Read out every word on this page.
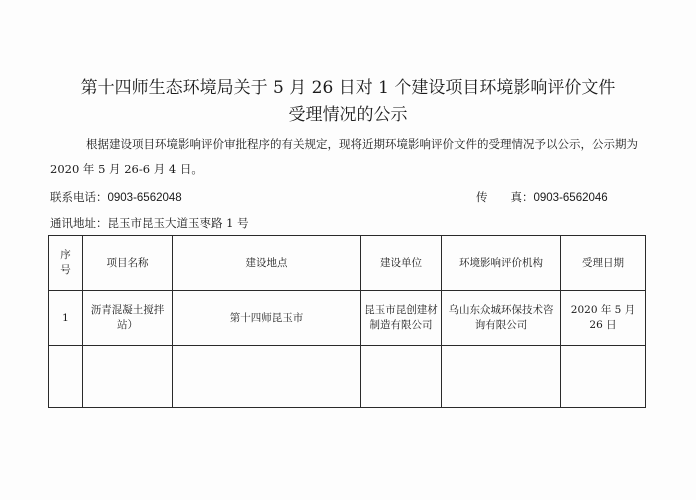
第十四师生态环境局关于 5 月 26 日对 1 个建设项目环境影响评价文件
受理情况的公示
根据建设项目环境影响评价审批程序的有关规定，现将近期环境影响评价文件的受理情况予以公示，公示期为
2020 年 5 月 26-6 月 4 日。
联系电话：0903-6562048	传　　真：0903-6562046
通讯地址：昆玉市昆玉大道玉枣路 1 号
序
号	项目名称	建设地点	建设单位	环境影响评价机构	受理日期
1	沥青混凝土搅拌站）	第十四师昆玉市	昆玉市昆创建材制造有限公司	乌山东众城环保技术咨询有限公司	2020 年 5 月 26 日
